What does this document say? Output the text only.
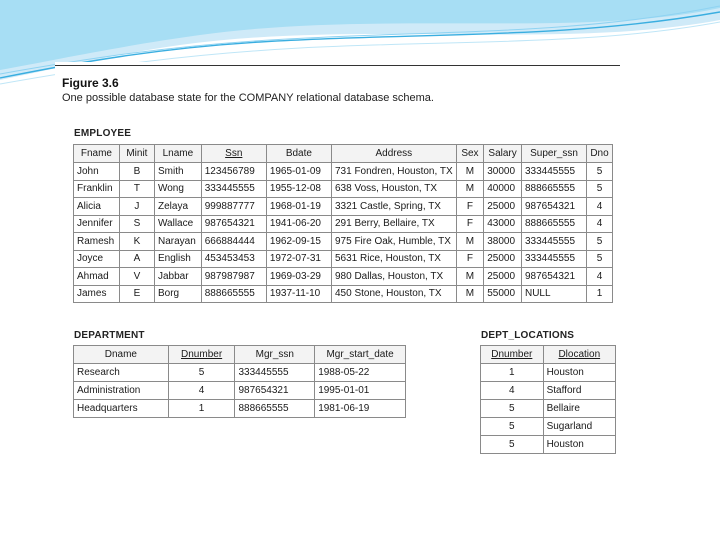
Figure 3.6
One possible database state for the COMPANY relational database schema.
EMPLOYEE
Fname	Minit	Lname	Ssn	Bdate	Address	Sex	Salary	Super_ssn	Dno
John	B	Smith	123456789	1965-01-09	731 Fondren, Houston, TX	M	30000	333445555	5
Franklin	T	Wong	333445555	1955-12-08	638 Voss, Houston, TX	M	40000	888665555	5
Alicia	J	Zelaya	999887777	1968-01-19	3321 Castle, Spring, TX	F	25000	987654321	4
Jennifer	S	Wallace	987654321	1941-06-20	291 Berry, Bellaire, TX	F	43000	888665555	4
Ramesh	K	Narayan	666884444	1962-09-15	975 Fire Oak, Humble, TX	M	38000	333445555	5
Joyce	A	English	453453453	1972-07-31	5631 Rice, Houston, TX	F	25000	333445555	5
Ahmad	V	Jabbar	987987987	1969-03-29	980 Dallas, Houston, TX	M	25000	987654321	4
James	E	Borg	888665555	1937-11-10	450 Stone, Houston, TX	M	55000	NULL	1
DEPARTMENT
Dname	Dnumber	Mgr_ssn	Mgr_start_date
Research	5	333445555	1988-05-22
Administration	4	987654321	1995-01-01
Headquarters	1	888665555	1981-06-19
DEPT_LOCATIONS
Dnumber	Dlocation
1	Houston
4	Stafford
5	Bellaire
5	Sugarland
5	Houston
